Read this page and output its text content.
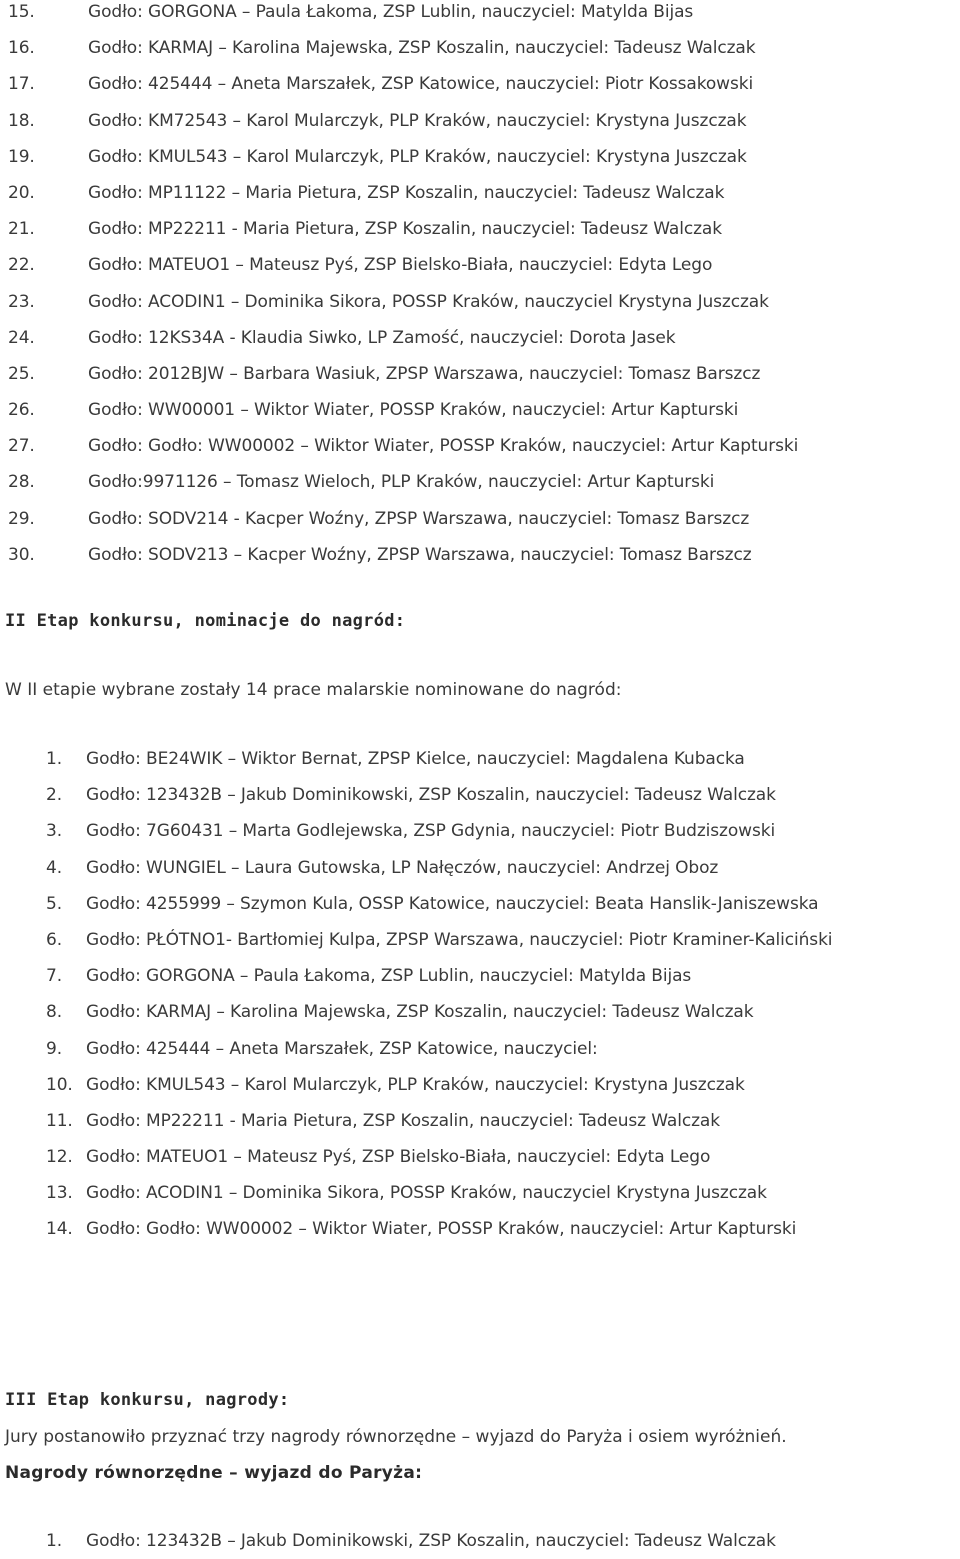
15.	Godło: GORGONA – Paula Łakoma, ZSP Lublin, nauczyciel: Matylda Bijas
16.	Godło: KARMAJ – Karolina Majewska, ZSP Koszalin, nauczyciel: Tadeusz Walczak
17.	Godło: 425444 – Aneta Marszałek, ZSP Katowice, nauczyciel: Piotr Kossakowski
18.	Godło: KM72543 – Karol Mularczyk, PLP Kraków, nauczyciel: Krystyna Juszczak
19.	Godło: KMUL543 – Karol Mularczyk, PLP Kraków, nauczyciel: Krystyna Juszczak
20.	Godło: MP11122 – Maria Pietura, ZSP Koszalin, nauczyciel: Tadeusz Walczak
21.	Godło: MP22211 - Maria Pietura, ZSP Koszalin, nauczyciel: Tadeusz Walczak
22.	Godło: MATEUO1 – Mateusz Pyś, ZSP Bielsko-Biała, nauczyciel: Edyta Lego
23.	Godło: ACODIN1 – Dominika Sikora, POSSP Kraków, nauczyciel Krystyna Juszczak
24.	Godło: 12KS34A - Klaudia Siwko, LP Zamość, nauczyciel: Dorota Jasek
25.	Godło: 2012BJW – Barbara Wasiuk, ZPSP Warszawa, nauczyciel: Tomasz Barszcz
26.	Godło: WW00001 – Wiktor Wiater, POSSP Kraków, nauczyciel: Artur Kapturski
27.	Godło: Godło: WW00002 – Wiktor Wiater, POSSP Kraków, nauczyciel: Artur Kapturski
28.	Godło:9971126 – Tomasz Wieloch, PLP Kraków, nauczyciel: Artur Kapturski
29.	Godło: SODV214 - Kacper Woźny, ZPSP Warszawa, nauczyciel: Tomasz Barszcz
30.	Godło: SODV213 – Kacper Woźny, ZPSP Warszawa, nauczyciel: Tomasz Barszcz
II Etap konkursu, nominacje do nagród:

W II etapie wybrane zostały 14 prace malarskie nominowane do nagród:

1. Godło: BE24WIK – Wiktor Bernat, ZPSP Kielce, nauczyciel: Magdalena Kubacka
2. Godło: 123432B – Jakub Dominikowski, ZSP Koszalin, nauczyciel: Tadeusz Walczak
3. Godło: 7G60431 – Marta Godlejewska, ZSP Gdynia, nauczyciel: Piotr Budziszowski
4. Godło: WUNGIEL – Laura Gutowska, LP Nałęczów, nauczyciel: Andrzej Oboz
5. Godło: 4255999 – Szymon Kula, OSSP Katowice, nauczyciel: Beata Hanslik-Janiszewska
6. Godło: PŁÓTNO1- Bartłomiej Kulpa, ZPSP Warszawa, nauczyciel: Piotr Kraminer-Kaliciński
7. Godło: GORGONA – Paula Łakoma, ZSP Lublin, nauczyciel: Matylda Bijas
8. Godło: KARMAJ – Karolina Majewska, ZSP Koszalin, nauczyciel: Tadeusz Walczak
9. Godło: 425444 – Aneta Marszałek, ZSP Katowice, nauczyciel:
10. Godło: KMUL543 – Karol Mularczyk, PLP Kraków, nauczyciel: Krystyna Juszczak
11. Godło: MP22211 - Maria Pietura, ZSP Koszalin, nauczyciel: Tadeusz Walczak
12. Godło: MATEUO1 – Mateusz Pyś, ZSP Bielsko-Biała, nauczyciel: Edyta Lego
13. Godło: ACODIN1 – Dominika Sikora, POSSP Kraków, nauczyciel Krystyna Juszczak
14. Godło: Godło: WW00002 – Wiktor Wiater, POSSP Kraków, nauczyciel: Artur Kapturski
III Etap konkursu, nagrody:

Jury postanowiło przyznać trzy nagrody równorzędne – wyjazd do Paryża i osiem wyróżnień.

Nagrody równorzędne – wyjazd do Paryża:
1. Godło: 123432B – Jakub Dominikowski, ZSP Koszalin, nauczyciel: Tadeusz Walczak
